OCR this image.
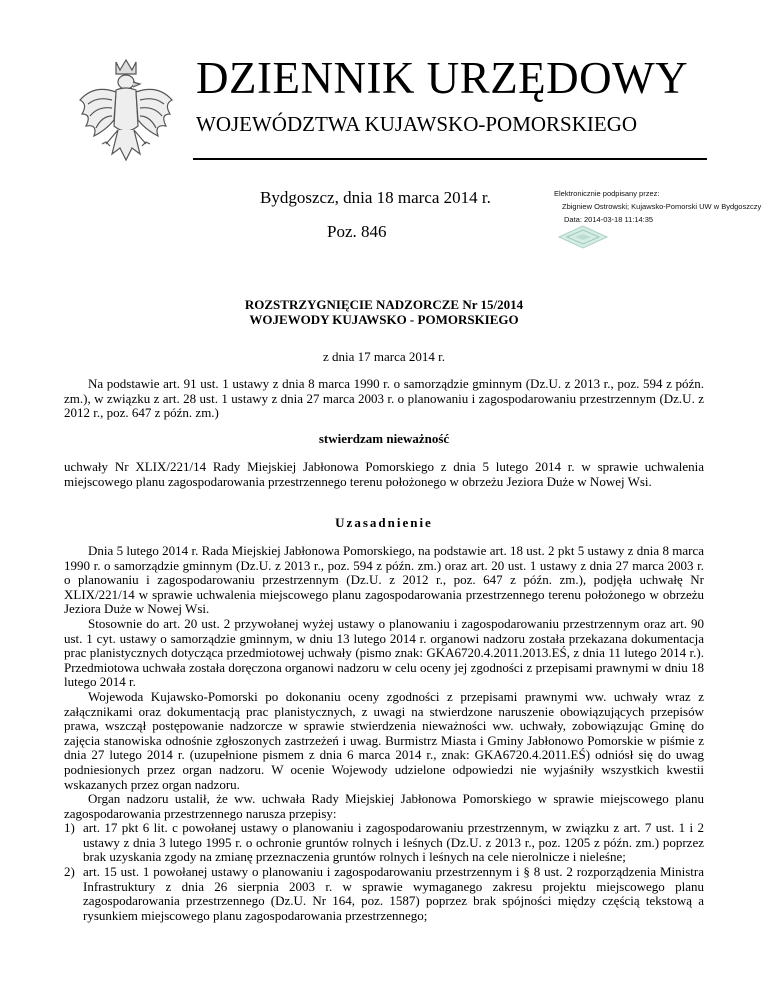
DZIENNIK URZĘDOWY
WOJEWÓDZTWA KUJAWSKO-POMORSKIEGO
Bydgoszcz, dnia 18 marca 2014 r.
Poz. 846
Elektronicznie podpisany przez:
Zbigniew Ostrowski; Kujawsko-Pomorski UW w Bydgoszczy
Data: 2014-03-18 11:14:35
ROZSTRZYGNIĘCIE NADZORCZE Nr 15/2014
WOJEWODY KUJAWSKO - POMORSKIEGO
z dnia 17 marca 2014 r.

Na podstawie art. 91 ust. 1 ustawy z dnia 8 marca 1990 r. o samorządzie gminnym (Dz.U. z 2013 r., poz. 594 z późn. zm.), w związku z art. 28 ust. 1 ustawy z dnia 27 marca 2003 r. o planowaniu i zagospodarowaniu przestrzennym (Dz.U. z 2012 r., poz. 647 z późn. zm.)

stwierdzam nieważność

uchwały Nr XLIX/221/14 Rady Miejskiej Jabłonowa Pomorskiego z dnia 5 lutego 2014 r. w sprawie uchwalenia miejscowego planu zagospodarowania przestrzennego terenu położonego w obrzeżu Jeziora Duże w Nowej Wsi.

Uzasadnienie

Dnia 5 lutego 2014 r. Rada Miejskiej Jabłonowa Pomorskiego, na podstawie art. 18 ust. 2 pkt 5 ustawy z dnia 8 marca 1990 r. o samorządzie gminnym (Dz.U. z 2013 r., poz. 594 z późn. zm.) oraz art. 20 ust. 1 ustawy z dnia 27 marca 2003 r. o planowaniu i zagospodarowaniu przestrzennym (Dz.U. z 2012 r., poz. 647 z późn. zm.), podjęła uchwałę Nr XLIX/221/14 w sprawie uchwalenia miejscowego planu zagospodarowania przestrzennego terenu położonego w obrzeżu Jeziora Duże w Nowej Wsi.

Stosownie do art. 20 ust. 2 przywołanej wyżej ustawy o planowaniu i zagospodarowaniu przestrzennym oraz art. 90 ust. 1 cyt. ustawy o samorządzie gminnym, w dniu 13 lutego 2014 r. organowi nadzoru została przekazana dokumentacja prac planistycznych dotycząca przedmiotowej uchwały (pismo znak: GKA6720.4.2011.2013.EŚ, z dnia 11 lutego 2014 r.). Przedmiotowa uchwała została doręczona organowi nadzoru w celu oceny jej zgodności z przepisami prawnymi w dniu 18 lutego 2014 r.

Wojewoda Kujawsko-Pomorski po dokonaniu oceny zgodności z przepisami prawnymi ww. uchwały wraz z załącznikami oraz dokumentacją prac planistycznych, z uwagi na stwierdzone naruszenie obowiązujących przepisów prawa, wszczął postępowanie nadzorcze w sprawie stwierdzenia nieważności ww. uchwały, zobowiązując Gminę do zajęcia stanowiska odnośnie zgłoszonych zastrzeżeń i uwag. Burmistrz Miasta i Gminy Jabłonowo Pomorskie w piśmie z dnia 27 lutego 2014 r. (uzupełnione pismem z dnia 6 marca 2014 r., znak: GKA6720.4.2011.EŚ) odniósł się do uwag podniesionych przez organ nadzoru. W ocenie Wojewody udzielone odpowiedzi nie wyjaśniły wszystkich kwestii wskazanych przez organ nadzoru.

Organ nadzoru ustalił, że ww. uchwała Rady Miejskiej Jabłonowa Pomorskiego w sprawie miejscowego planu zagospodarowania przestrzennego narusza przepisy:

1) art. 17 pkt 6 lit. c powołanej ustawy o planowaniu i zagospodarowaniu przestrzennym, w związku z art. 7 ust. 1 i 2 ustawy z dnia 3 lutego 1995 r. o ochronie gruntów rolnych i leśnych (Dz.U. z 2013 r., poz. 1205 z późn. zm.) poprzez brak uzyskania zgody na zmianę przeznaczenia gruntów rolnych i leśnych na cele nierolnicze i nieleśne;
2) art. 15 ust. 1 powołanej ustawy o planowaniu i zagospodarowaniu przestrzennym i § 8 ust. 2 rozporządzenia Ministra Infrastruktury z dnia 26 sierpnia 2003 r. w sprawie wymaganego zakresu projektu miejscowego planu zagospodarowania przestrzennego (Dz.U. Nr 164, poz. 1587) poprzez brak spójności między częścią tekstową a rysunkiem miejscowego planu zagospodarowania przestrzennego;
